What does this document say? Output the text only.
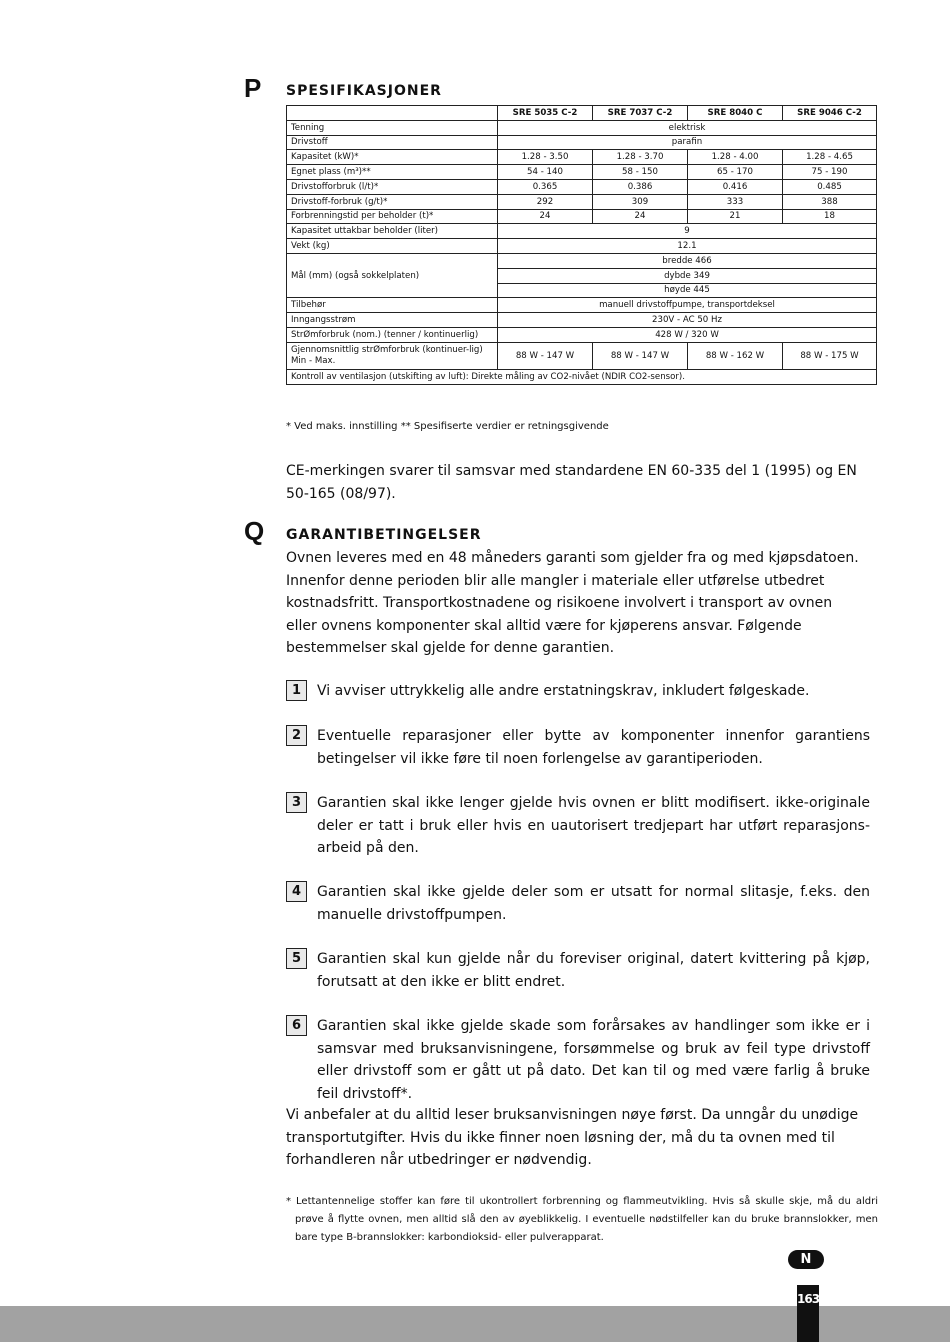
P SPESIFIKASJONER
	SRE 5035 C-2	SRE 7037 C-2	SRE 8040 C	SRE 9046 C-2
Tenning	elektrisk			
Drivstoff	parafin			
Kapasitet (kW)*	1.28 - 3.50	1.28 - 3.70	1.28 - 4.00	1.28 - 4.65
Egnet plass (m³)**	54 - 140	58 - 150	65 - 170	75 - 190
Drivstofforbruk (l/t)*	0.365	0.386	0.416	0.485
Drivstoff-forbruk (g/t)*	292	309	333	388
Forbrenningstid per beholder (t)*	24	24	21	18
Kapasitet uttakbar beholder (liter)	9			
Vekt (kg)	12.1			
Mål (mm) (også sokkelplaten)	bredde 466			
	dybde 349			
	høyde 445			
Tilbehør	manuell drivstoffpumpe, transportdeksel			
Inngangsstrøm	230V - AC 50 Hz			
StrØmforbruk (nom.) (tenner / kontinuerlig)	428 W / 320 W			
Gjennomsnittlig strØmforbruk (kontinuer-lig) Min - Max.	88 W - 147 W	88 W - 147 W	88 W - 162 W	88 W - 175 W
Kontroll av ventilasjon (utskifting av luft): Direkte måling av CO2-nivået (NDIR CO2-sensor).				
* Ved maks. innstilling ** Spesifiserte verdier er retningsgivende
CE-merkingen svarer til samsvar med standardene EN 60-335 del 1 (1995) og EN 50-165 (08/97).
Q GARANTIBETINGELSER
Ovnen leveres med en 48 måneders garanti som gjelder fra og med kjøpsdatoen. Innenfor denne perioden blir alle mangler i materiale eller utførelse utbedret kostnadsfritt. Transportkostnadene og risikoene involvert i transport av ovnen eller ovnens komponenter skal alltid være for kjøperens ansvar. Følgende bestemmelser skal gjelde for denne garantien.
1	Vi avviser uttrykkelig alle andre erstatningskrav, inkludert følgeskade.
2	Eventuelle reparasjoner eller bytte av komponenter innenfor garantiens betingelser vil ikke føre til noen forlengelse av garantiperioden.
3	Garantien skal ikke lenger gjelde hvis ovnen er blitt modifisert. ikke-originale deler er tatt i bruk eller hvis en uautorisert tredjepart har utført reparasjons-arbeid på den.
4	Garantien skal ikke gjelde deler som er utsatt for normal slitasje, f.eks. den manuelle drivstoffpumpen.
5	Garantien skal kun gjelde når du foreviser original, datert kvittering på kjøp, forutsatt at den ikke er blitt endret.
6	Garantien skal ikke gjelde skade som forårsakes av handlinger som ikke er i samsvar med bruksanvisningene, forsømmelse og bruk av feil type drivstoff eller drivstoff som er gått ut på dato. Det kan til og med være farlig å bruke feil drivstoff*.
Vi anbefaler at du alltid leser bruksanvisningen nøye først. Da unngår du unødige transportutgifter. Hvis du ikke finner noen løsning der, må du ta ovnen med til forhandleren når utbedringer er nødvendig.
* Lettantennelige stoffer kan føre til ukontrollert forbrenning og flammeutvikling. Hvis så skulle skje, må du aldri prøve å flytte ovnen, men alltid slå den av øyeblikkelig. I eventuelle nødstilfeller kan du bruke brannslokker, men bare type B-brannslokker: karbondioksid- eller pulverapparat.
N
163
